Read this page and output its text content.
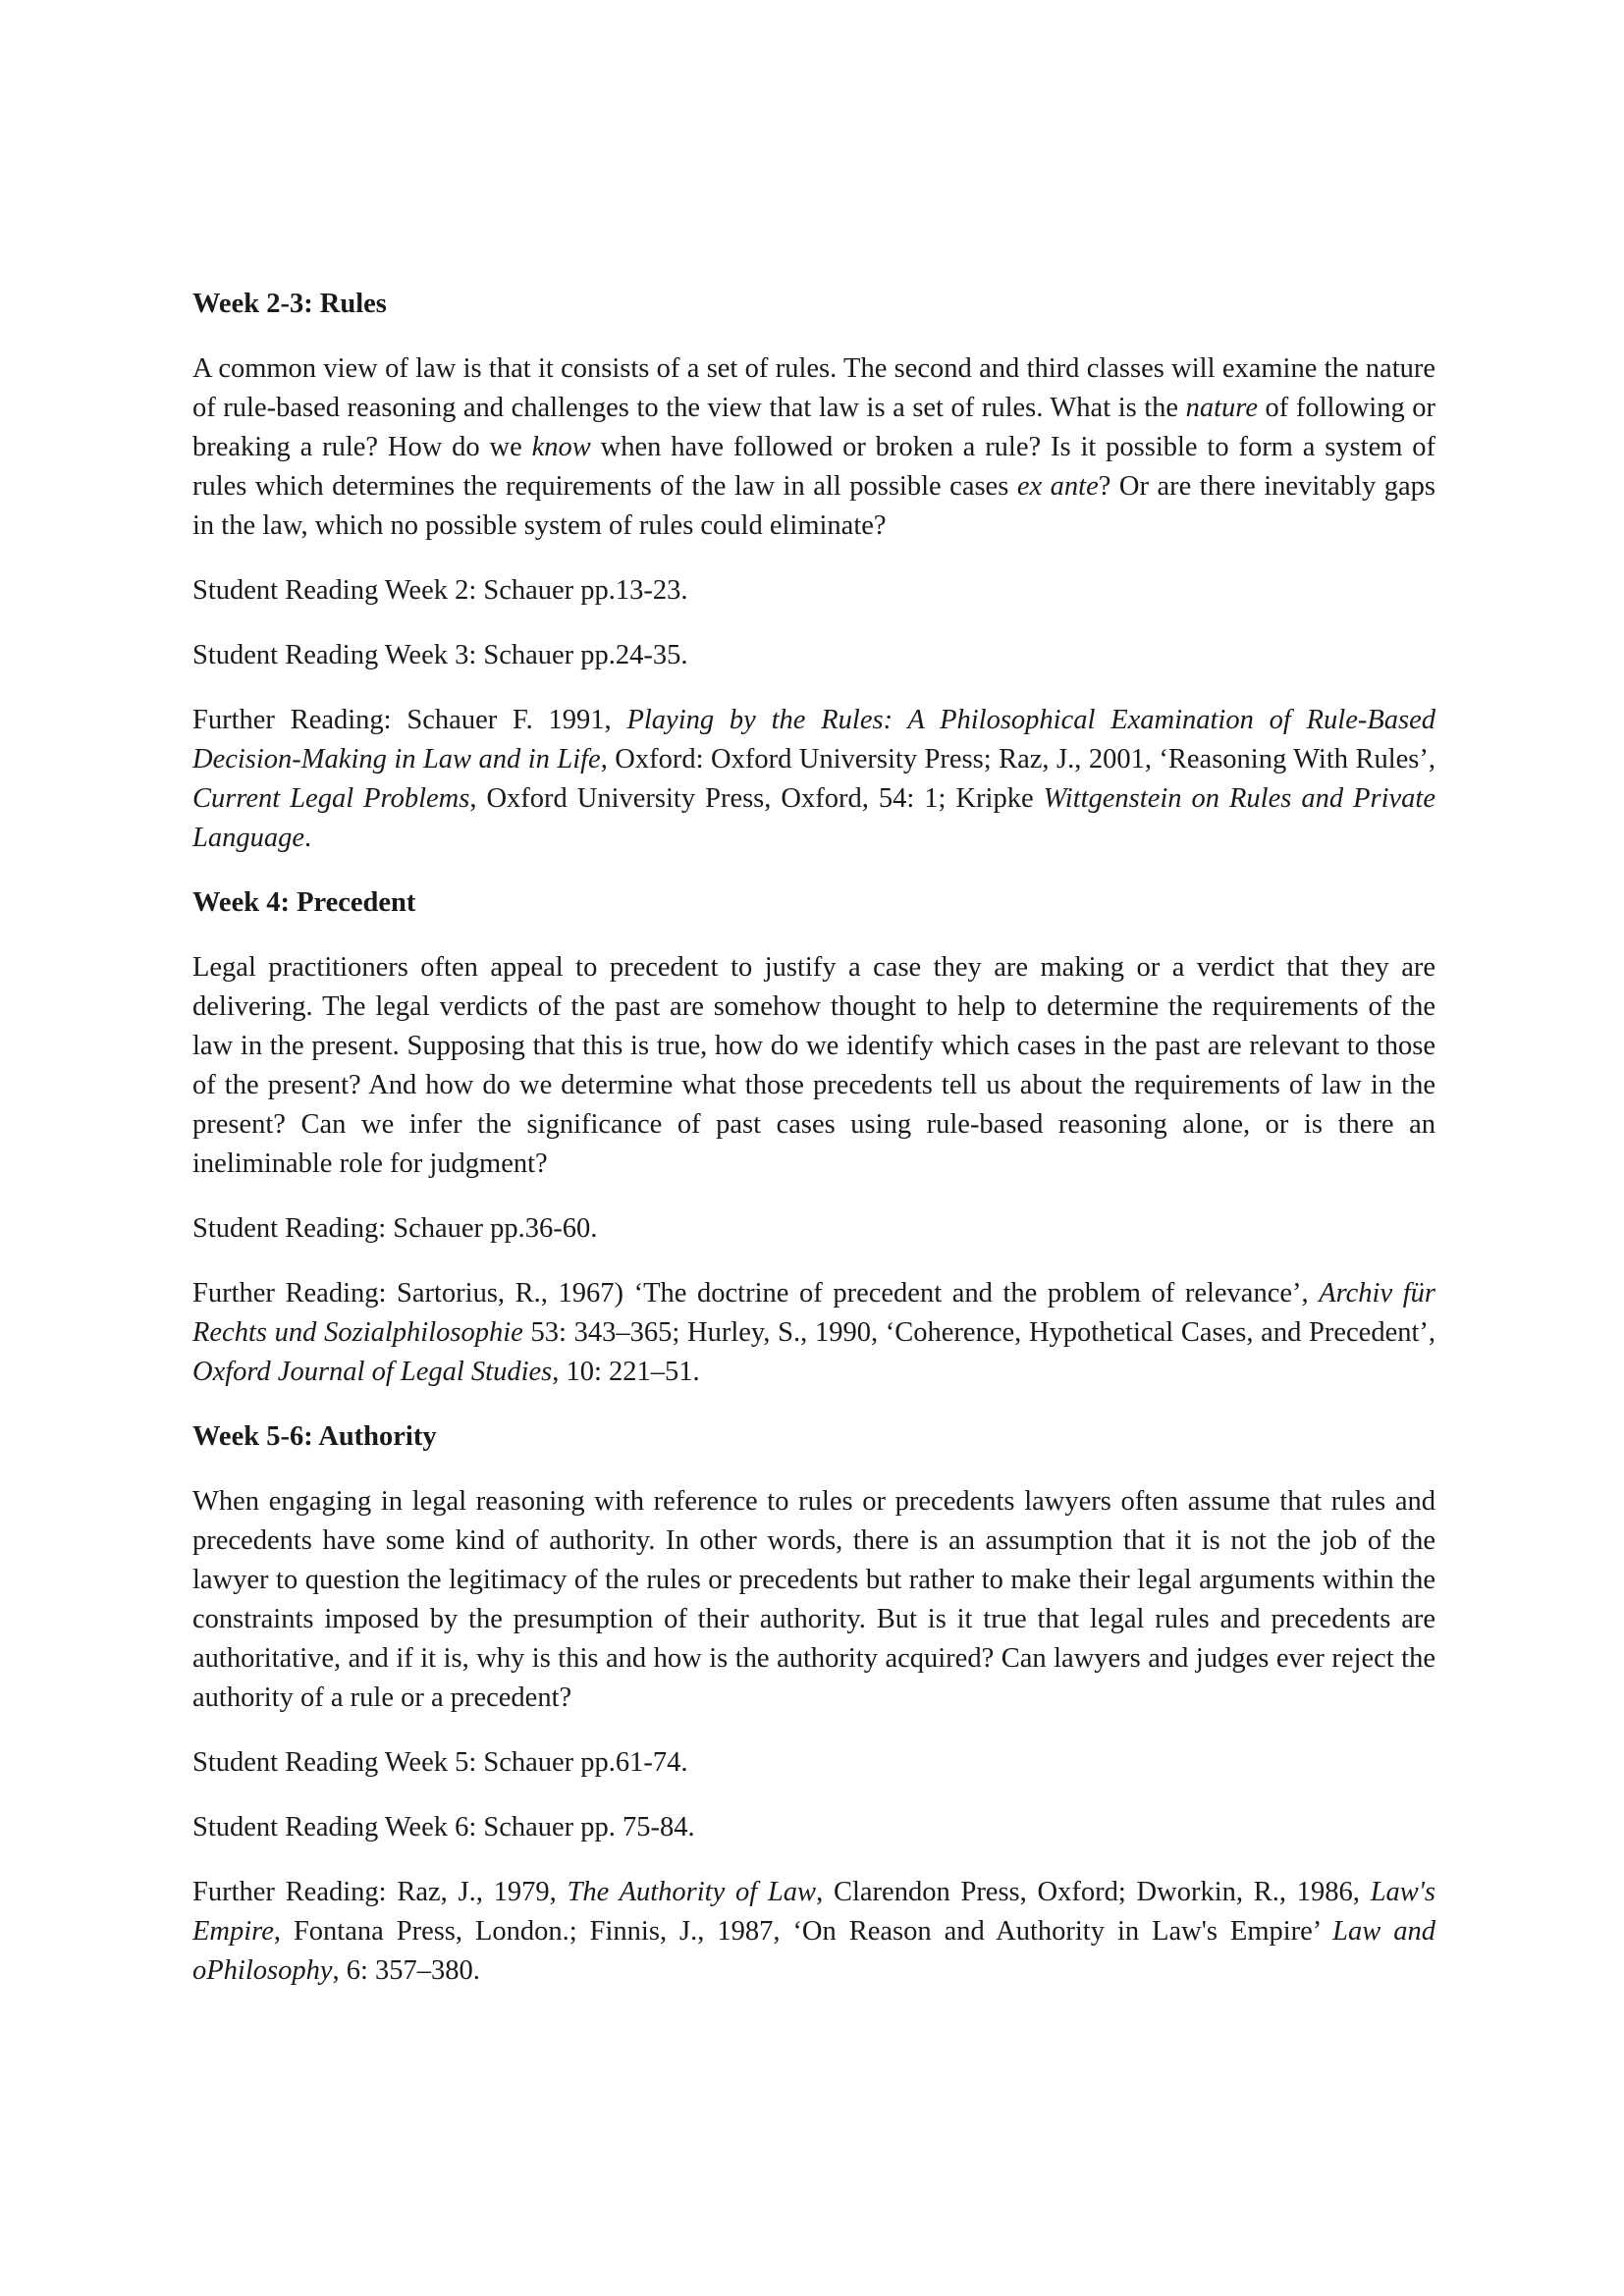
Week 2-3: Rules
A common view of law is that it consists of a set of rules. The second and third classes will examine the nature of rule-based reasoning and challenges to the view that law is a set of rules. What is the nature of following or breaking a rule? How do we know when have followed or broken a rule? Is it possible to form a system of rules which determines the requirements of the law in all possible cases ex ante? Or are there inevitably gaps in the law, which no possible system of rules could eliminate?
Student Reading Week 2: Schauer pp.13-23.
Student Reading Week 3: Schauer pp.24-35.
Further Reading: Schauer F. 1991, Playing by the Rules: A Philosophical Examination of Rule-Based Decision-Making in Law and in Life, Oxford: Oxford University Press; Raz, J., 2001, ‘Reasoning With Rules’, Current Legal Problems, Oxford University Press, Oxford, 54: 1; Kripke Wittgenstein on Rules and Private Language.
Week 4: Precedent
Legal practitioners often appeal to precedent to justify a case they are making or a verdict that they are delivering. The legal verdicts of the past are somehow thought to help to determine the requirements of the law in the present. Supposing that this is true, how do we identify which cases in the past are relevant to those of the present? And how do we determine what those precedents tell us about the requirements of law in the present? Can we infer the significance of past cases using rule-based reasoning alone, or is there an ineliminable role for judgment?
Student Reading: Schauer pp.36-60.
Further Reading: Sartorius, R., 1967) ‘The doctrine of precedent and the problem of relevance’, Archiv für Rechts und Sozialphilosophie 53: 343–365; Hurley, S., 1990, ‘Coherence, Hypothetical Cases, and Precedent’, Oxford Journal of Legal Studies, 10: 221–51.
Week 5-6: Authority
When engaging in legal reasoning with reference to rules or precedents lawyers often assume that rules and precedents have some kind of authority. In other words, there is an assumption that it is not the job of the lawyer to question the legitimacy of the rules or precedents but rather to make their legal arguments within the constraints imposed by the presumption of their authority. But is it true that legal rules and precedents are authoritative, and if it is, why is this and how is the authority acquired? Can lawyers and judges ever reject the authority of a rule or a precedent?
Student Reading Week 5: Schauer pp.61-74.
Student Reading Week 6: Schauer pp. 75-84.
Further Reading: Raz, J., 1979, The Authority of Law, Clarendon Press, Oxford; Dworkin, R., 1986, Law's Empire, Fontana Press, London.; Finnis, J., 1987, ‘On Reason and Authority in Law's Empire’ Law and oPhilosophy, 6: 357–380.
